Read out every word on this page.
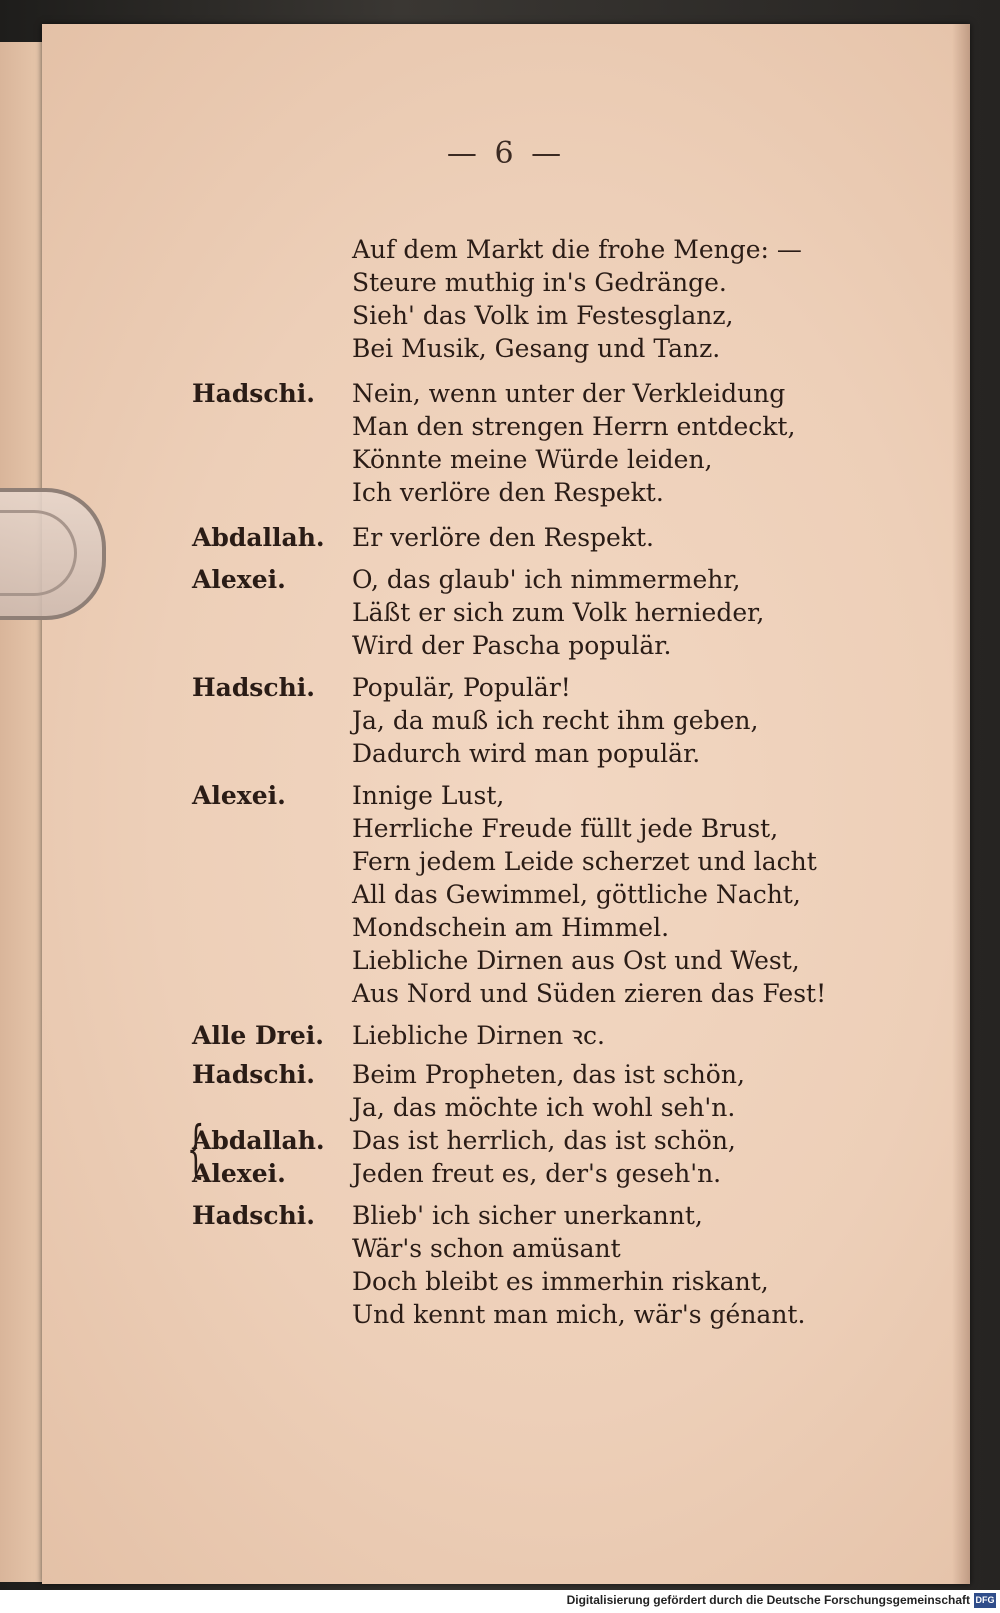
— 6 —
Auf dem Markt die frohe Menge: —
Steure muthig in's Gedränge.
Sieh' das Volk im Festesglanz,
Bei Musik, Gesang und Tanz.
Hadschi.	Nein, wenn unter der Verkleidung
Man den strengen Herrn entdeckt,
Könnte meine Würde leiden,
Ich verlöre den Respekt.
Abdallah.	Er verlöre den Respekt.
Alexei.	O, das glaub' ich nimmermehr,
Läßt er sich zum Volk hernieder,
Wird der Pascha populär.
Hadschi.	Populär, Populär!
Ja, da muß ich recht ihm geben,
Dadurch wird man populär.
Alexei.	Innige Lust,
Herrliche Freude füllt jede Brust,
Fern jedem Leide scherzet und lacht
All das Gewimmel, göttliche Nacht,
Mondschein am Himmel.
Liebliche Dirnen aus Ost und West,
Aus Nord und Süden zieren das Fest!
Alle Drei.	Liebliche Dirnen ꝛc.
Hadschi.	Beim Propheten, das ist schön,
Ja, das möchte ich wohl seh'n.
Abdallah.	Das ist herrlich, das ist schön,
Alexei.	Jeden freut es, der's geseh'n.
Hadschi.	Blieb' ich sicher unerkannt,
Wär's schon amüsant
Doch bleibt es immerhin riskant,
Und kennt man mich, wär's génant.
{
Digitalisierung gefördert durch die Deutsche Forschungsgemeinschaft DFG
